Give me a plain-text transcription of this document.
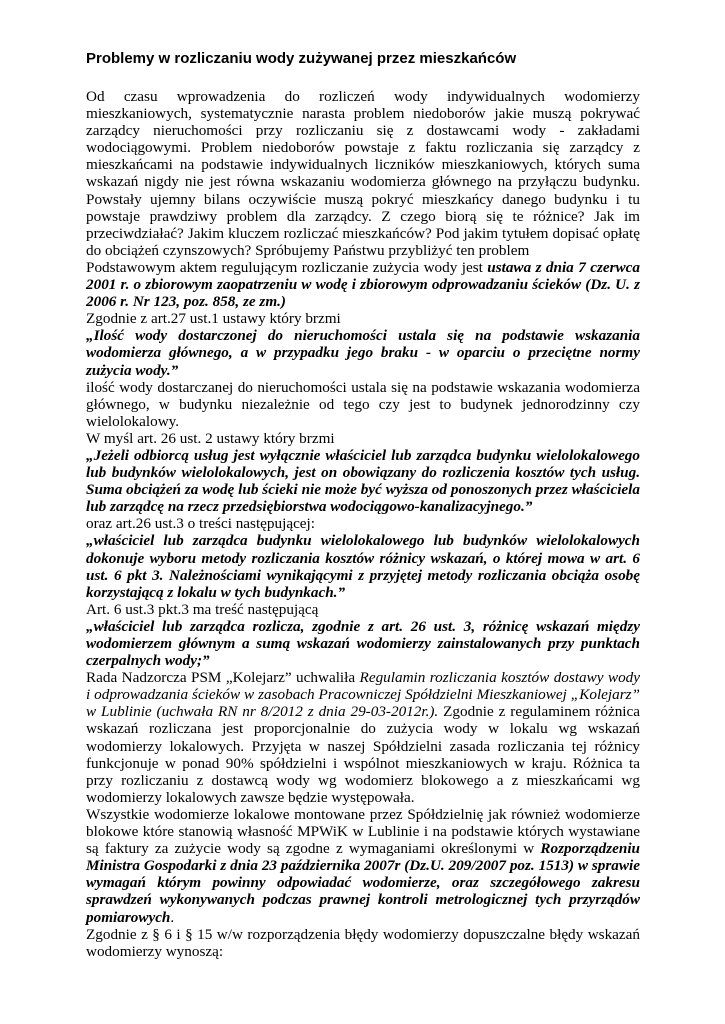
Problemy w rozliczaniu wody zużywanej przez mieszkańców

Od czasu wprowadzenia do rozliczeń wody indywidualnych wodomierzy mieszkaniowych, systematycznie narasta problem niedoborów jakie muszą pokrywać zarządcy nieruchomości przy rozliczaniu się z dostawcami wody - zakładami wodociągowymi. Problem niedoborów powstaje z faktu rozliczania się zarządcy z mieszkańcami na podstawie indywidualnych liczników mieszkaniowych, których suma wskazań nigdy nie jest równa wskazaniu wodomierza głównego na przyłączu budynku. Powstały ujemny bilans oczywiście muszą pokryć mieszkańcy danego budynku i tu powstaje prawdziwy problem dla zarządcy. Z czego biorą się te różnice? Jak im przeciwdziałać? Jakim kluczem rozliczać mieszkańców? Pod jakim tytułem dopisać opłatę do obciążeń czynszowych? Spróbujemy Państwu przybliżyć ten problem

Podstawowym aktem regulującym rozliczanie zużycia wody jest ustawa z dnia 7 czerwca 2001 r. o zbiorowym zaopatrzeniu w wodę i zbiorowym odprowadzaniu ścieków (Dz. U. z 2006 r. Nr 123, poz. 858, ze zm.)

Zgodnie z art.27 ust.1 ustawy który brzmi

„Ilość wody dostarczonej do nieruchomości ustala się na podstawie wskazania wodomierza głównego, a w przypadku jego braku - w oparciu o przeciętne normy zużycia wody.”

ilość wody dostarczanej do nieruchomości ustala się na podstawie wskazania wodomierza głównego, w budynku niezależnie od tego czy jest to budynek jednorodzinny czy wielolokalowy.

W myśl art. 26 ust. 2 ustawy który brzmi

„Jeżeli odbiorcą usług jest wyłącznie właściciel lub zarządca budynku wielolokalowego lub budynków wielolokalowych, jest on obowiązany do rozliczenia kosztów tych usług. Suma obciążeń za wodę lub ścieki nie może być wyższa od ponoszonych przez właściciela lub zarządcę na rzecz przedsiębiorstwa wodociągowo-kanalizacyjnego.”

oraz art.26 ust.3 o treści następującej:

„właściciel lub zarządca budynku wielolokalowego lub budynków wielolokalowych dokonuje wyboru metody rozliczania kosztów różnicy wskazań, o której mowa w art. 6 ust. 6 pkt 3. Należnościami wynikającymi z przyjętej metody rozliczania obciąża osobę korzystającą z lokalu w tych budynkach.”

Art. 6 ust.3 pkt.3 ma treść następującą

„właściciel lub zarządca rozlicza, zgodnie z art. 26 ust. 3, różnicę wskazań między wodomierzem głównym a sumą wskazań wodomierzy zainstalowanych przy punktach czerpalnych wody;”

Rada Nadzorcza PSM „Kolejarz” uchwaliła Regulamin rozliczania kosztów dostawy wody i odprowadzania ścieków w zasobach Pracowniczej Spółdzielni Mieszkaniowej „Kolejarz” w Lublinie (uchwała RN nr 8/2012 z dnia 29-03-2012r.). Zgodnie z regulaminem różnica wskazań rozliczana jest proporcjonalnie do zużycia wody w lokalu wg wskazań wodomierzy lokalowych. Przyjęta w naszej Spółdzielni zasada rozliczania tej różnicy funkcjonuje w ponad 90% spółdzielni i wspólnot mieszkaniowych w kraju. Różnica ta przy rozliczaniu z dostawcą wody wg wodomierz blokowego a z mieszkańcami wg wodomierzy lokalowych zawsze będzie występowała.

Wszystkie wodomierze lokalowe montowane przez Spółdzielnię jak również wodomierze blokowe które stanowią własność MPWiK w Lublinie i na podstawie których wystawiane są faktury za zużycie wody są zgodne z wymaganiami określonymi w Rozporządzeniu Ministra Gospodarki z dnia 23 października 2007r (Dz.U. 209/2007 poz. 1513) w sprawie wymagań którym powinny odpowiadać wodomierze, oraz szczegółowego zakresu sprawdzeń wykonywanych podczas prawnej kontroli metrologicznej tych przyrządów pomiarowych.

Zgodnie z § 6 i § 15 w/w rozporządzenia błędy wodomierzy dopuszczalne błędy wskazań wodomierzy wynoszą:
